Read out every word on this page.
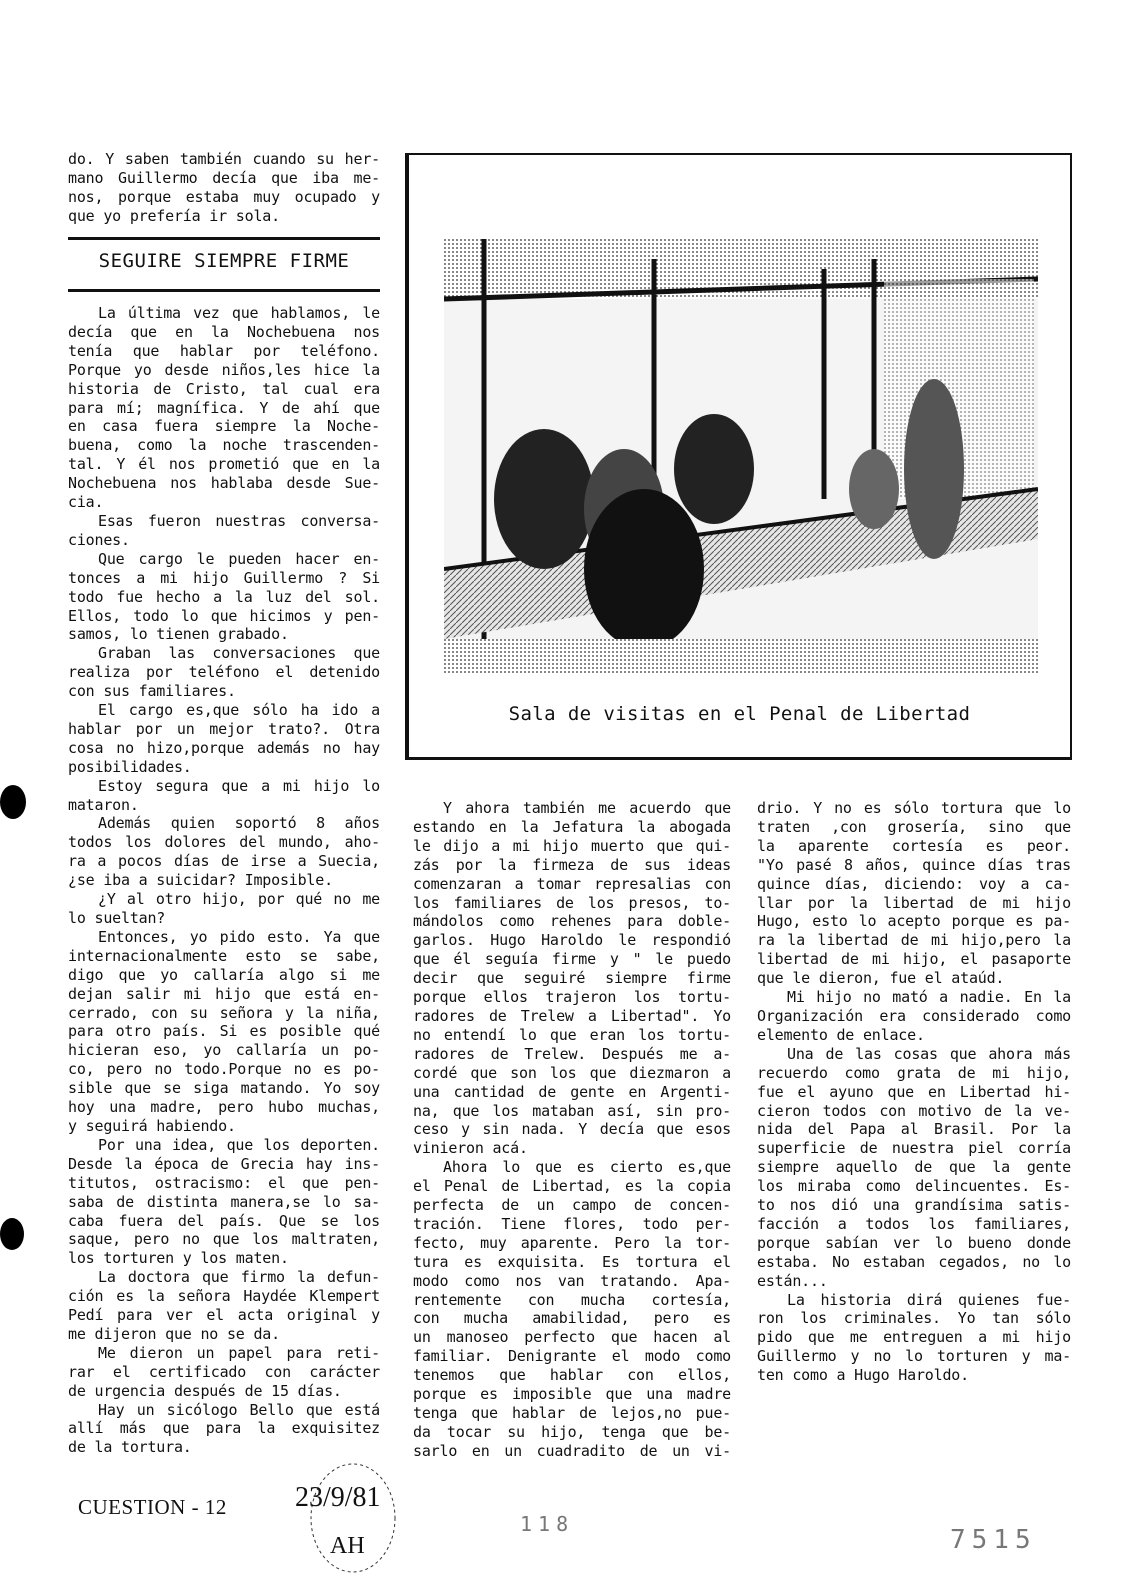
do. Y saben también cuando su her-
mano Guillermo decía que iba me-
nos, porque estaba muy ocupado y
que yo prefería ir sola.
SEGUIRE SIEMPRE FIRME
La última vez que hablamos, le
decía que en la Nochebuena nos
tenía que hablar por teléfono.
Porque yo desde niños,les hice la
historia de Cristo, tal cual era
para mí; magnífica. Y de ahí que
en casa fuera siempre la Noche-
buena, como la noche trascenden-
tal. Y él nos prometió que en la
Nochebuena nos hablaba desde Sue-
cia.
Esas fueron nuestras conversa-
ciones.
Que cargo le pueden hacer en-
tonces a mi hijo Guillermo ? Si
todo fue hecho a la luz del sol.
Ellos, todo lo que hicimos y pen-
samos, lo tienen grabado.
Graban las conversaciones que
realiza por teléfono el detenido
con sus familiares.
El cargo es,que sólo ha ido a
hablar por un mejor trato?. Otra
cosa no hizo,porque además no hay
posibilidades.
Estoy segura que a mi hijo lo
mataron.
Además quien soportó 8 años
todos los dolores del mundo, aho-
ra a pocos días de irse a Suecia,
¿se iba a suicidar? Imposible.
¿Y al otro hijo, por qué no me
lo sueltan?
Entonces, yo pido esto. Ya que
internacionalmente esto se sabe,
digo que yo callaría algo si me
dejan salir mi hijo que está en-
cerrado, con su señora y la niña,
para otro país. Si es posible qué
hicieran eso, yo callaría un po-
co, pero no todo.Porque no es po-
sible que se siga matando. Yo soy
hoy una madre, pero hubo muchas,
y seguirá habiendo.
Por una idea, que los deporten.
Desde la época de Grecia hay ins-
titutos, ostracismo: el que pen-
saba de distinta manera,se lo sa-
caba fuera del país. Que se los
saque, pero no que los maltraten,
los torturen y los maten.
La doctora que firmo la defun-
ción es la señora Haydée Klempert
Pedí para ver el acta original y
me dijeron que no se da.
Me dieron un papel para reti-
rar el certificado con carácter
de urgencia después de 15 días.
Hay un sicólogo Bello que está
allí más que para la exquisitez
de la tortura.
Sala de visitas en el Penal de Libertad
Y ahora también me acuerdo que
estando en la Jefatura la abogada
le dijo a mi hijo muerto que qui-
zás por la firmeza de sus ideas
comenzaran a tomar represalias con
los familiares de los presos, to-
mándolos como rehenes para doble-
garlos. Hugo Haroldo le respondió
que él seguía firme y " le puedo
decir que seguiré siempre firme
porque ellos trajeron los tortu-
radores de Trelew a Libertad". Yo
no entendí lo que eran los tortu-
radores de Trelew. Después me a-
cordé que son los que diezmaron a
una cantidad de gente en Argenti-
na, que los mataban así, sin pro-
ceso y sin nada. Y decía que esos
vinieron acá.
Ahora lo que es cierto es,que
el Penal de Libertad, es la copia
perfecta de un campo de concen-
tración. Tiene flores, todo per-
fecto, muy aparente. Pero la tor-
tura es exquisita. Es tortura el
modo como nos van tratando. Apa-
rentemente con mucha cortesía,
con mucha amabilidad, pero es
un manoseo perfecto que hacen al
familiar. Denigrante el modo como
tenemos que hablar con ellos,
porque es imposible que una madre
tenga que hablar de lejos,no pue-
da tocar su hijo, tenga que be-
sarlo en un cuadradito de un vi-
drio. Y no es sólo tortura que lo
traten ,con grosería, sino que
la aparente cortesía es peor.
"Yo pasé 8 años, quince días tras
quince días, diciendo: voy a ca-
llar por la libertad de mi hijo
Hugo, esto lo acepto porque es pa-
ra la libertad de mi hijo,pero la
libertad de mi hijo, el pasaporte
que le dieron, fue el ataúd.
Mi hijo no mató a nadie. En la
Organización era considerado como
elemento de enlace.
Una de las cosas que ahora más
recuerdo como grata de mi hijo,
fue el ayuno que en Libertad hi-
cieron todos con motivo de la ve-
nida del Papa al Brasil. Por la
superficie de nuestra piel corría
siempre aquello de que la gente
los miraba como delincuentes. Es-
to nos dió una grandísima satis-
facción a todos los familiares,
porque sabían ver lo bueno donde
estaba. No estaban cegados, no lo
están...
La historia dirá quienes fue-
ron los criminales. Yo tan sólo
pido que me entreguen a mi hijo
Guillermo y no lo torturen y ma-
ten como a Hugo Haroldo.
CUESTION - 12 23/9/81
AH
118
7515
